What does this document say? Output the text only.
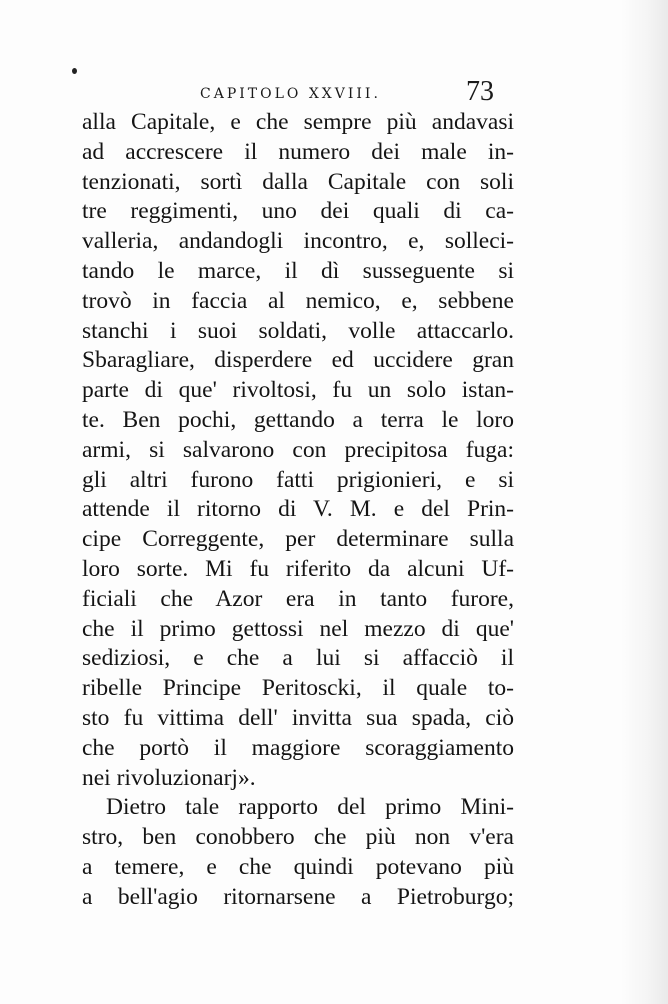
CAPITOLO XXVIII.	73
alla Capitale, e che sempre più andavasi
ad accrescere il numero dei male in-
tenzionati, sortì dalla Capitale con soli
tre reggimenti, uno dei quali di ca-
valleria, andandogli incontro, e, solleci-
tando le marce, il dì susseguente si
trovò in faccia al nemico, e, sebbene
stanchi i suoi soldati, volle attaccarlo.
Sbaragliare, disperdere ed uccidere gran
parte di que' rivoltosi, fu un solo istan-
te. Ben pochi, gettando a terra le loro
armi, si salvarono con precipitosa fuga:
gli altri furono fatti prigionieri, e si
attende il ritorno di V. M. e del Prin-
cipe Correggente, per determinare sulla
loro sorte. Mi fu riferito da alcuni Uf-
ficiali che Azor era in tanto furore,
che il primo gettossi nel mezzo di que'
sediziosi, e che a lui si affacciò il
ribelle Principe Peritoscki, il quale to-
sto fu vittima dell' invitta sua spada, ciò
che portò il maggiore scoraggiamento
nei rivoluzionarj».
Dietro tale rapporto del primo Mini-
stro, ben conobbero che più non v'era
a temere, e che quindi potevano più
a bell'agio ritornarsene a Pietroburgo;
